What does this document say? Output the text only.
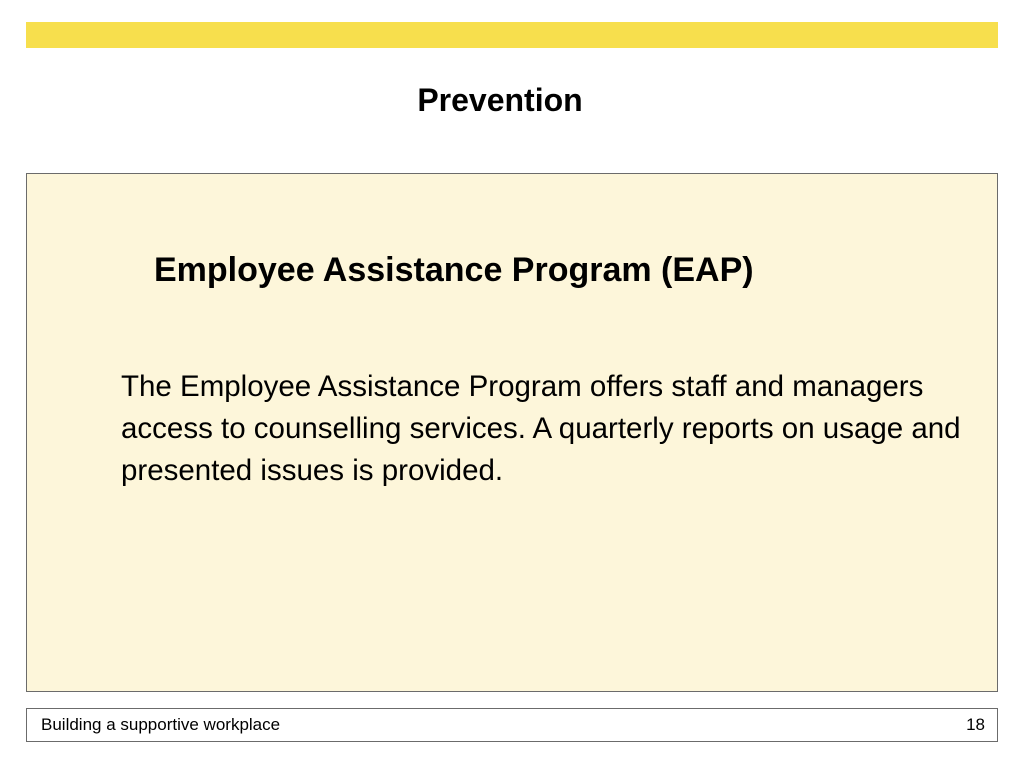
Prevention
Employee Assistance Program (EAP)
The Employee Assistance Program offers staff and managers access to counselling services. A quarterly reports on usage and presented issues is provided.
Building a supportive workplace	18
